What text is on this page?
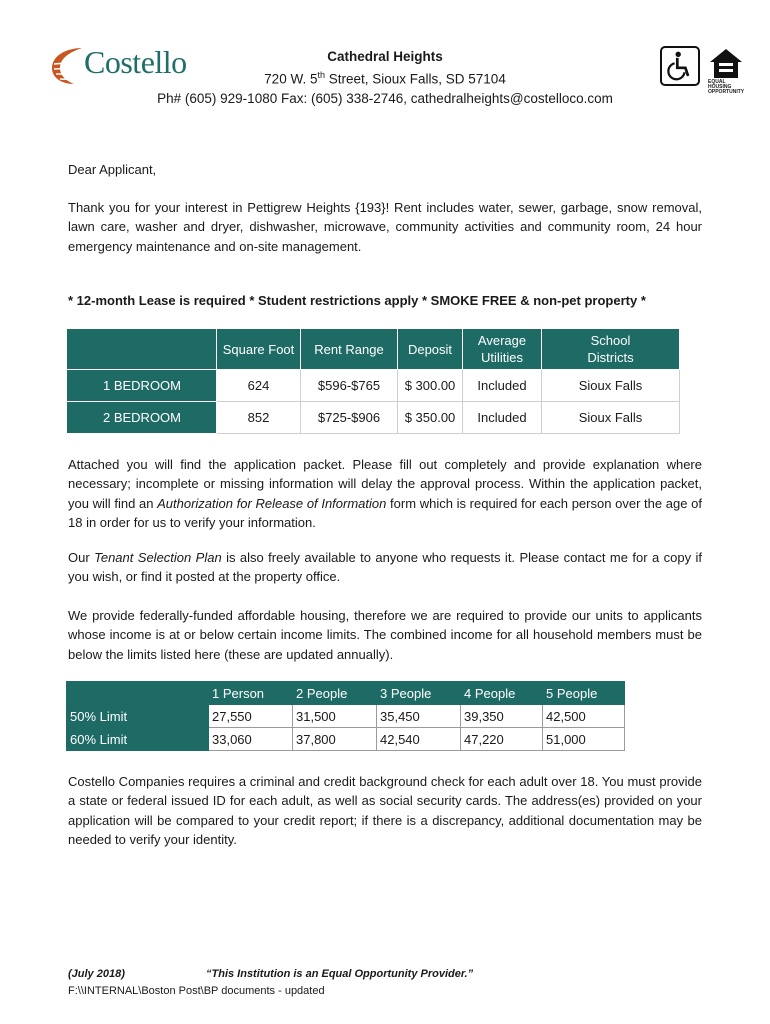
Costello	Cathedral Heights
720 W. 5th Street, Sioux Falls, SD 57104
Ph# (605) 929-1080 Fax: (605) 338-2746, cathedralheights@costelloco.com
EQUAL HOUSING OPPORTUNITY
Dear Applicant,
Thank you for your interest in Pettigrew Heights {193}! Rent includes water, sewer, garbage, snow removal, lawn care, washer and dryer, dishwasher, microwave, community activities and community room, 24 hour emergency maintenance and on-site management.
* 12-month Lease is required * Student restrictions apply * SMOKE FREE & non-pet property *
	Square Foot	Rent Range	Deposit	Average Utilities	School Districts

1 BEDROOM	624	$596-$765	$ 300.00	Included	Sioux Falls
2 BEDROOM	852	$725-$906	$ 350.00	Included	Sioux Falls
Attached you will find the application packet. Please fill out completely and provide explanation where necessary; incomplete or missing information will delay the approval process. Within the application packet, you will find an Authorization for Release of Information form which is required for each person over the age of 18 in order for us to verify your information.
Our Tenant Selection Plan is also freely available to anyone who requests it. Please contact me for a copy if you wish, or find it posted at the property office.
We provide federally-funded affordable housing, therefore we are required to provide our units to applicants whose income is at or below certain income limits. The combined income for all household members must be below the limits listed here (these are updated annually).
	1 Person	2 People	3 People	4 People	5 People
50% Limit	27,550	31,500	35,450	39,350	42,500
60% Limit	33,060	37,800	42,540	47,220	51,000
Costello Companies requires a criminal and credit background check for each adult over 18. You must provide a state or federal issued ID for each adult, as well as social security cards. The address(es) provided on your application will be compared to your credit report; if there is a discrepancy, additional documentation may be needed to verify your identity.
(July 2018)	“This Institution is an Equal Opportunity Provider.”
F:\\INTERNAL\Boston Post\BP documents - updated
